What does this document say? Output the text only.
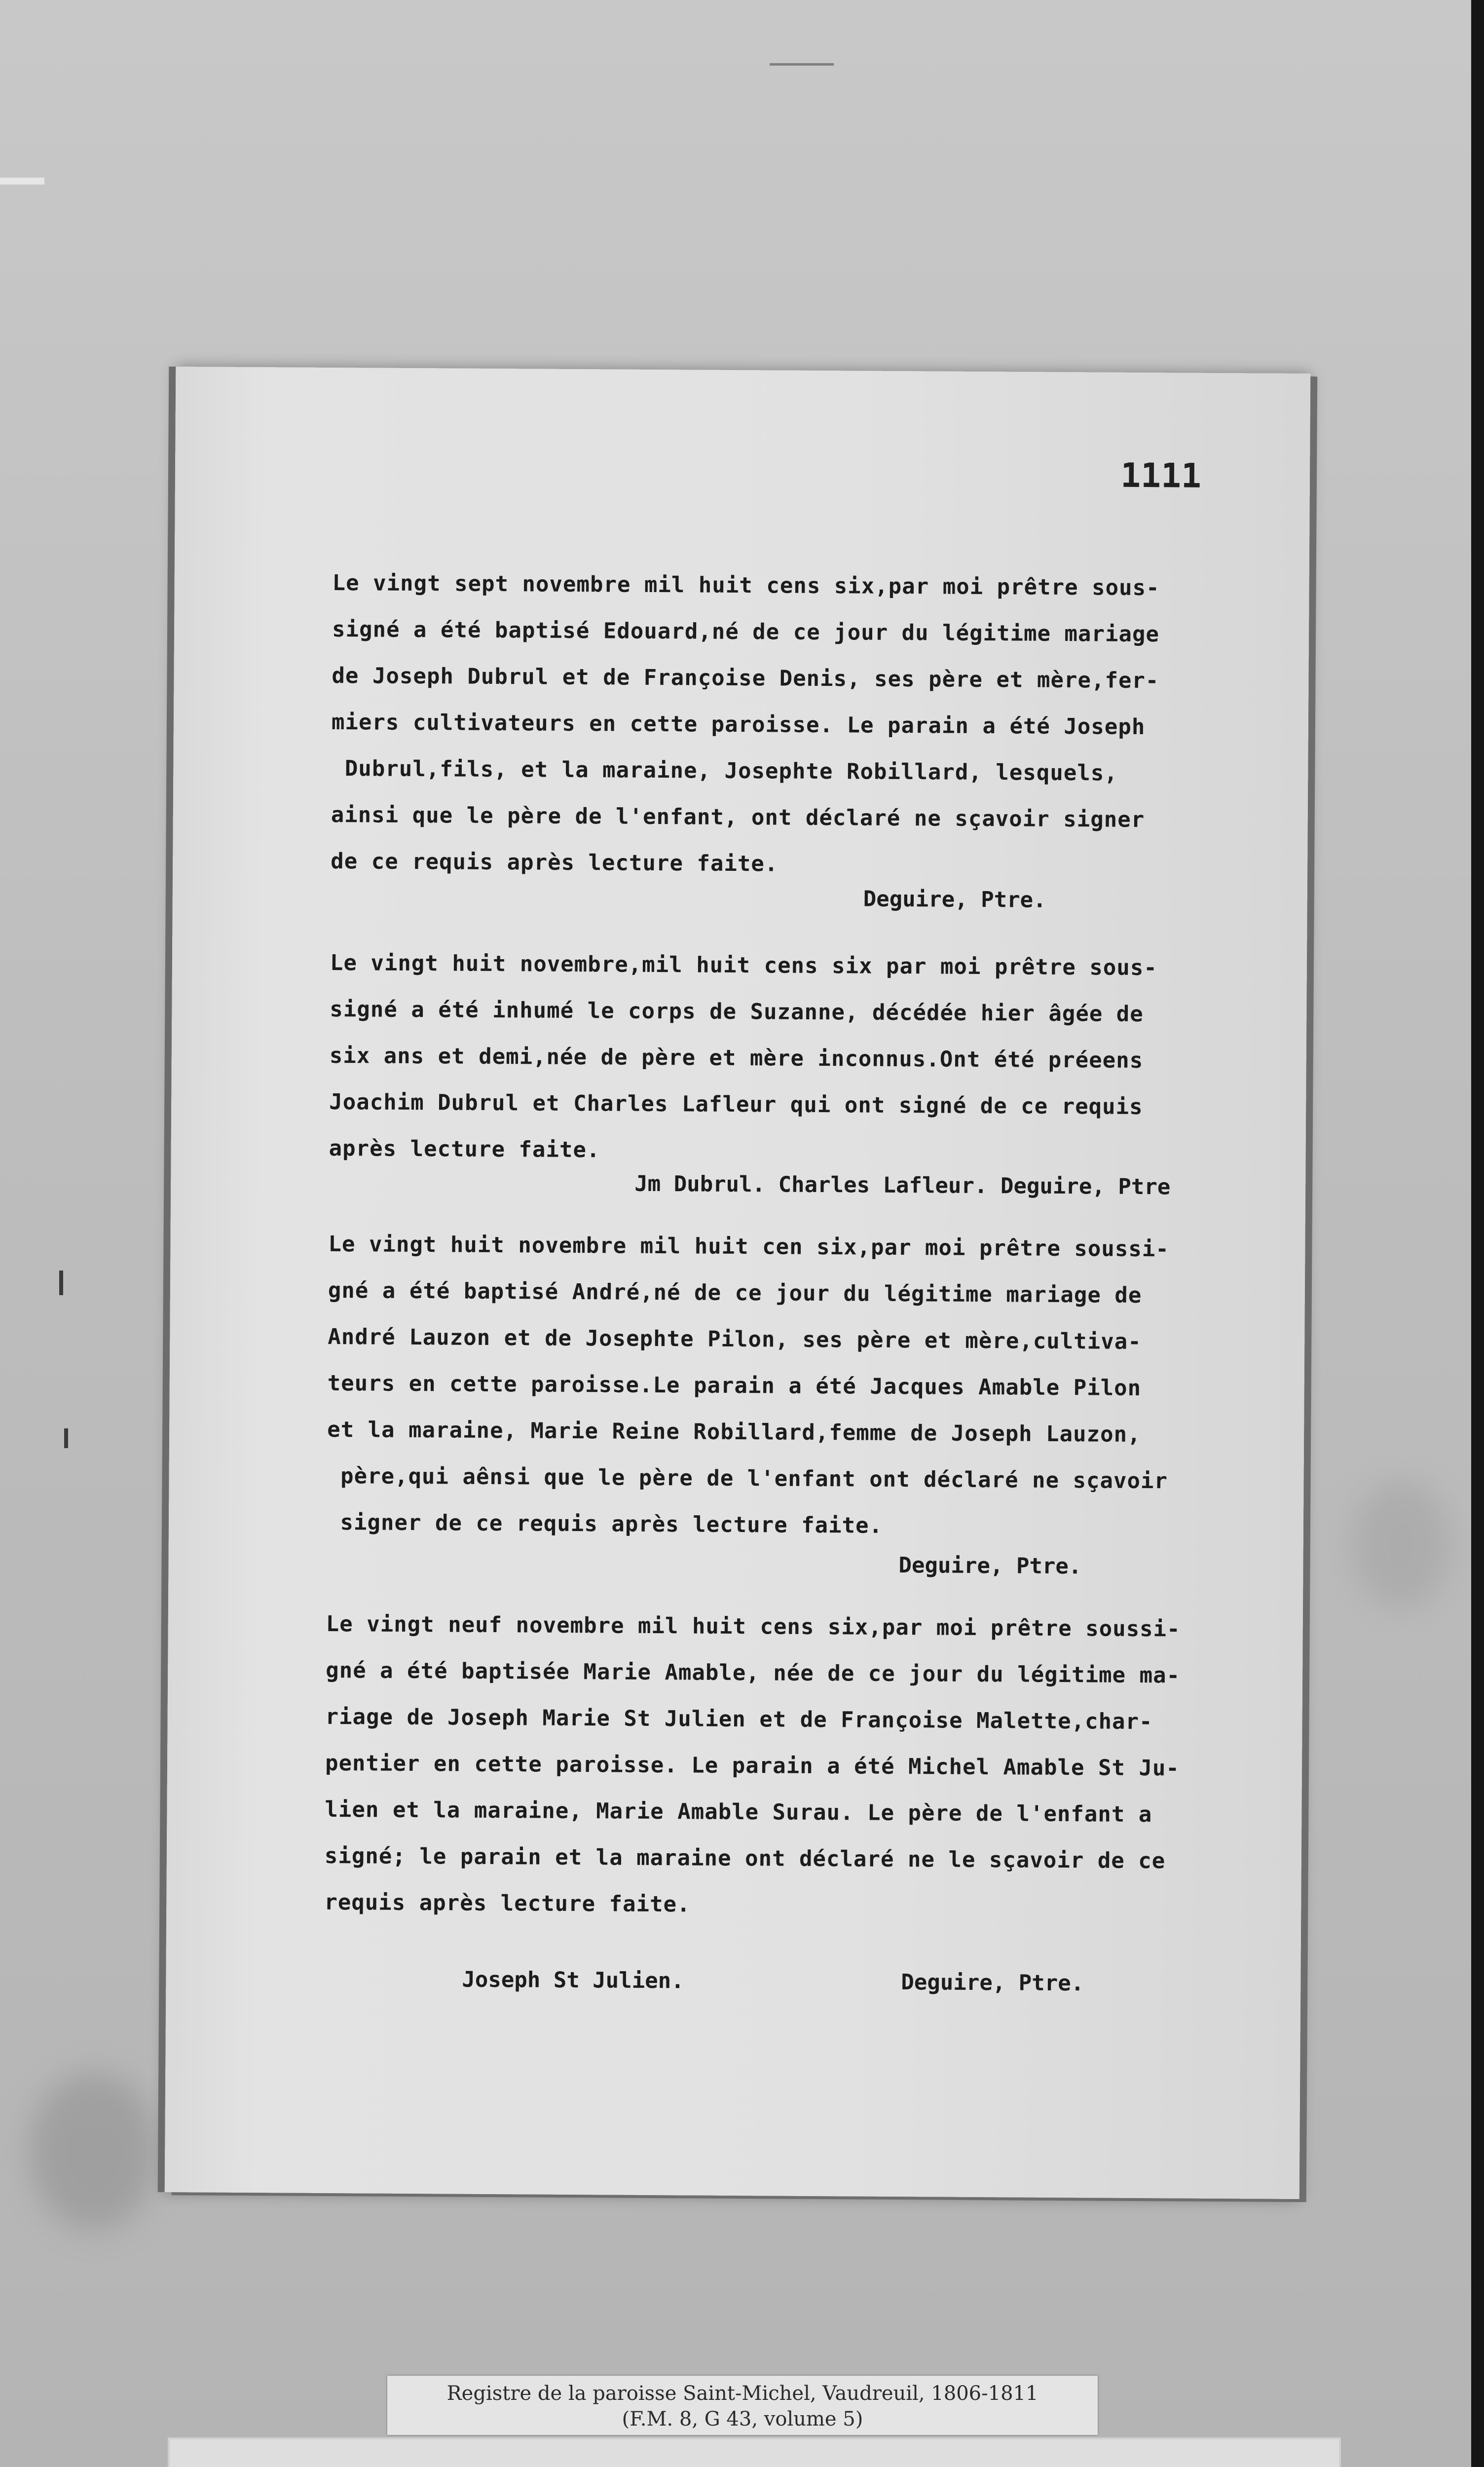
1111

Le vingt sept novembre mil huit cens six,par moi prêtre sous-

signé a été baptisé Edouard,né de ce jour du légitime mariage

de Joseph Dubrul et de Françoise Denis, ses père et mère,fer-

miers cultivateurs en cette paroisse. Le parain a été Joseph

Dubrul,fils, et la maraine, Josephte Robillard, lesquels,

ainsi que le père de l'enfant, ont déclaré ne sçavoir signer

de ce requis après lecture faite.

Deguire, Ptre.

Le vingt huit novembre,mil huit cens six par moi prêtre sous-

signé a été inhumé le corps de Suzanne, décédée hier âgée de

six ans et demi,née de père et mère inconnus.Ont été préeens

Joachim Dubrul et Charles Lafleur qui ont signé de ce requis

après lecture faite.

Jm Dubrul. Charles Lafleur. Deguire, Ptre

Le vingt huit novembre mil huit cen six,par moi prêtre soussi-

gné a été baptisé André,né de ce jour du légitime mariage de

André Lauzon et de Josephte Pilon, ses père et mère,cultiva-

teurs en cette paroisse.Le parain a été Jacques Amable Pilon

et la maraine, Marie Reine Robillard,femme de Joseph Lauzon,

père,qui aênsi que le père de l'enfant ont déclaré ne sçavoir

signer de ce requis après lecture faite.

Deguire, Ptre.

Le vingt neuf novembre mil huit cens six,par moi prêtre soussi-

gné a été baptisée Marie Amable, née de ce jour du légitime ma-

riage de Joseph Marie St Julien et de Françoise Malette,char-

pentier en cette paroisse. Le parain a été Michel Amable St Ju-

lien et la maraine, Marie Amable Surau. Le père de l'enfant a

signé; le parain et la maraine ont déclaré ne le sçavoir de ce

requis après lecture faite.

Joseph St Julien.	Deguire, Ptre.
Registre de la paroisse Saint-Michel, Vaudreuil, 1806-1811
(F.M. 8, G 43, volume 5)
